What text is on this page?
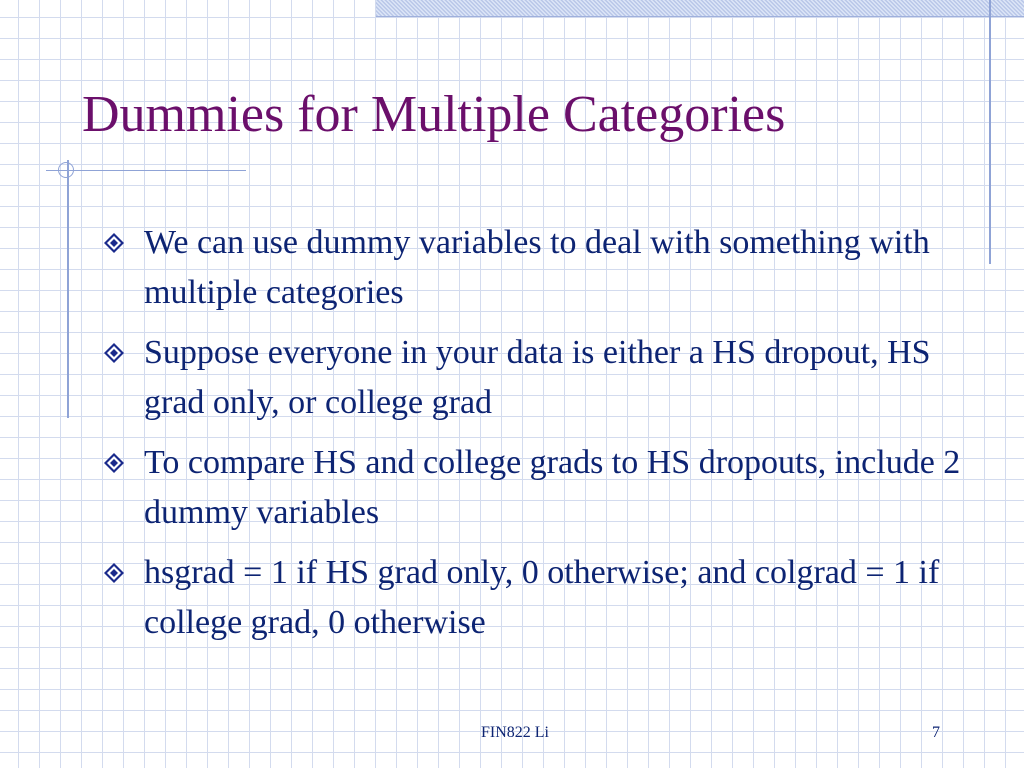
Dummies for Multiple Categories
We can use dummy variables to deal with something with multiple categories
Suppose everyone in your data is either a HS dropout, HS grad only, or college grad
To compare HS and college grads to HS dropouts, include 2 dummy variables
hsgrad = 1 if HS grad only, 0 otherwise; and colgrad = 1 if college grad, 0 otherwise
FIN822 Li	7
